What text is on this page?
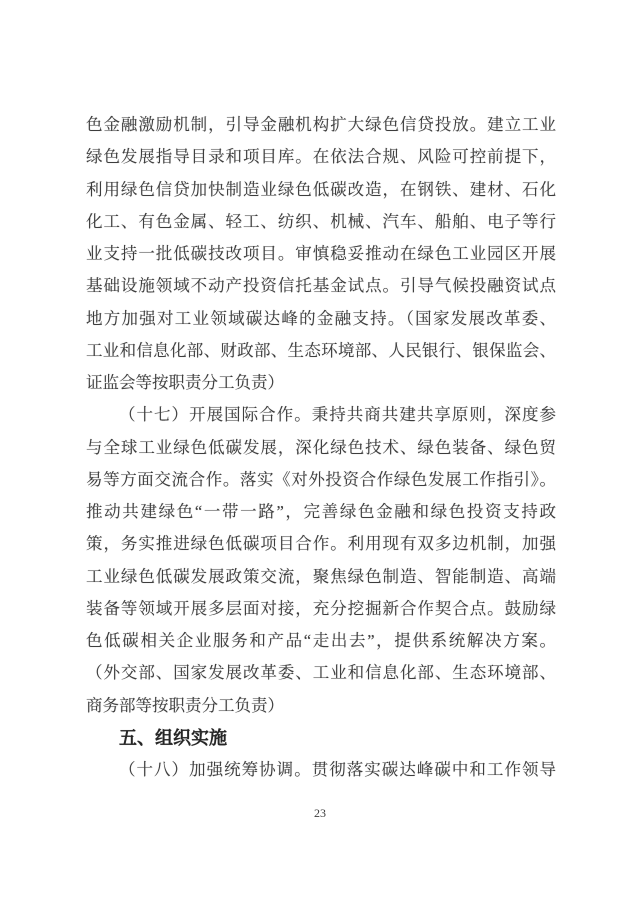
色金融激励机制，引导金融机构扩大绿色信贷投放。建立工业
绿色发展指导目录和项目库。在依法合规、风险可控前提下，
利用绿色信贷加快制造业绿色低碳改造，在钢铁、建材、石化
化工、有色金属、轻工、纺织、机械、汽车、船舶、电子等行
业支持一批低碳技改项目。审慎稳妥推动在绿色工业园区开展
基础设施领域不动产投资信托基金试点。引导气候投融资试点
地方加强对工业领域碳达峰的金融支持。（国家发展改革委、
工业和信息化部、财政部、生态环境部、人民银行、银保监会、
证监会等按职责分工负责）
（十七）开展国际合作。秉持共商共建共享原则，深度参
与全球工业绿色低碳发展，深化绿色技术、绿色装备、绿色贸
易等方面交流合作。落实《对外投资合作绿色发展工作指引》。
推动共建绿色“一带一路”，完善绿色金融和绿色投资支持政
策，务实推进绿色低碳项目合作。利用现有双多边机制，加强
工业绿色低碳发展政策交流，聚焦绿色制造、智能制造、高端
装备等领域开展多层面对接，充分挖掘新合作契合点。鼓励绿
色低碳相关企业服务和产品“走出去”，提供系统解决方案。
（外交部、国家发展改革委、工业和信息化部、生态环境部、
商务部等按职责分工负责）
五、组织实施
（十八）加强统筹协调。贯彻落实碳达峰碳中和工作领导
23
